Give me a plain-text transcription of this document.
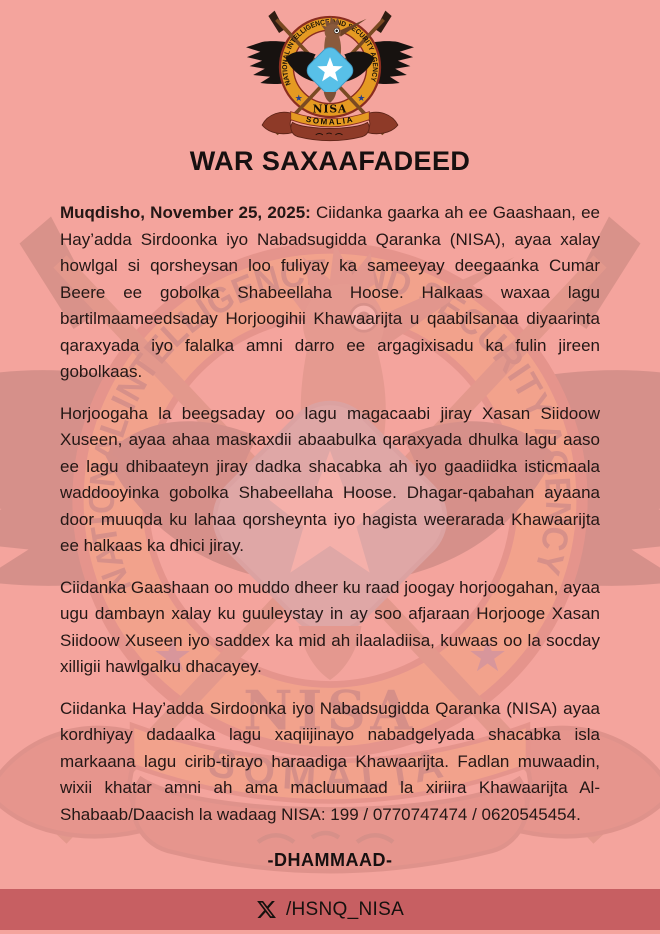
WAR SAXAAFADEED

Muqdisho, November 25, 2025: Ciidanka gaarka ah ee Gaashaan, ee Hay’adda Sirdoonka iyo Nabadsugidda Qaranka (NISA), ayaa xalay howlgal si qorsheysan loo fuliyay ka sameeyay deegaanka Cumar Beere ee gobolka Shabeellaha Hoose. Halkaas waxaa lagu bartilmaameedsaday Horjoogihii Khawaarijta u qaabilsanaa diyaarinta qaraxyada iyo falalka amni darro ee argagixisadu ka fulin jireen gobolkaas.

Horjoogaha la beegsaday oo lagu magacaabi jiray Xasan Siidoow Xuseen, ayaa ahaa maskaxdii abaabulka qaraxyada dhulka lagu aaso ee lagu dhibaateyn jiray dadka shacabka ah iyo gaadiidka isticmaala waddooyinka gobolka Shabeellaha Hoose. Dhagar-qabahan ayaana door muuqda ku lahaa qorsheynta iyo hagista weerarada Khawaarijta ee halkaas ka dhici jiray.

Ciidanka Gaashaan oo muddo dheer ku raad joogay horjoogahan, ayaa ugu dambayn xalay ku guuleystay in ay soo afjaraan Horjooge Xasan Siidoow Xuseen iyo saddex ka mid ah ilaaladiisa, kuwaas oo la socday xilligii hawlgalku dhacayey.

Ciidanka Hay’adda Sirdoonka iyo Nabadsugidda Qaranka (NISA) ayaa kordhiyay dadaalka lagu xaqiijinayo nabadgelyada shacabka isla markaana lagu cirib-tirayo haraadiga Khawaarijta. Fadlan muwaadin, wixii khatar amni ah ama macluumaad la xiriira Khawaarijta Al-Shabaab/Daacish la wadaag NISA: 199 / 0770747474 / 0620545454.

-DHAMMAAD-
/HSNQ_NISA
